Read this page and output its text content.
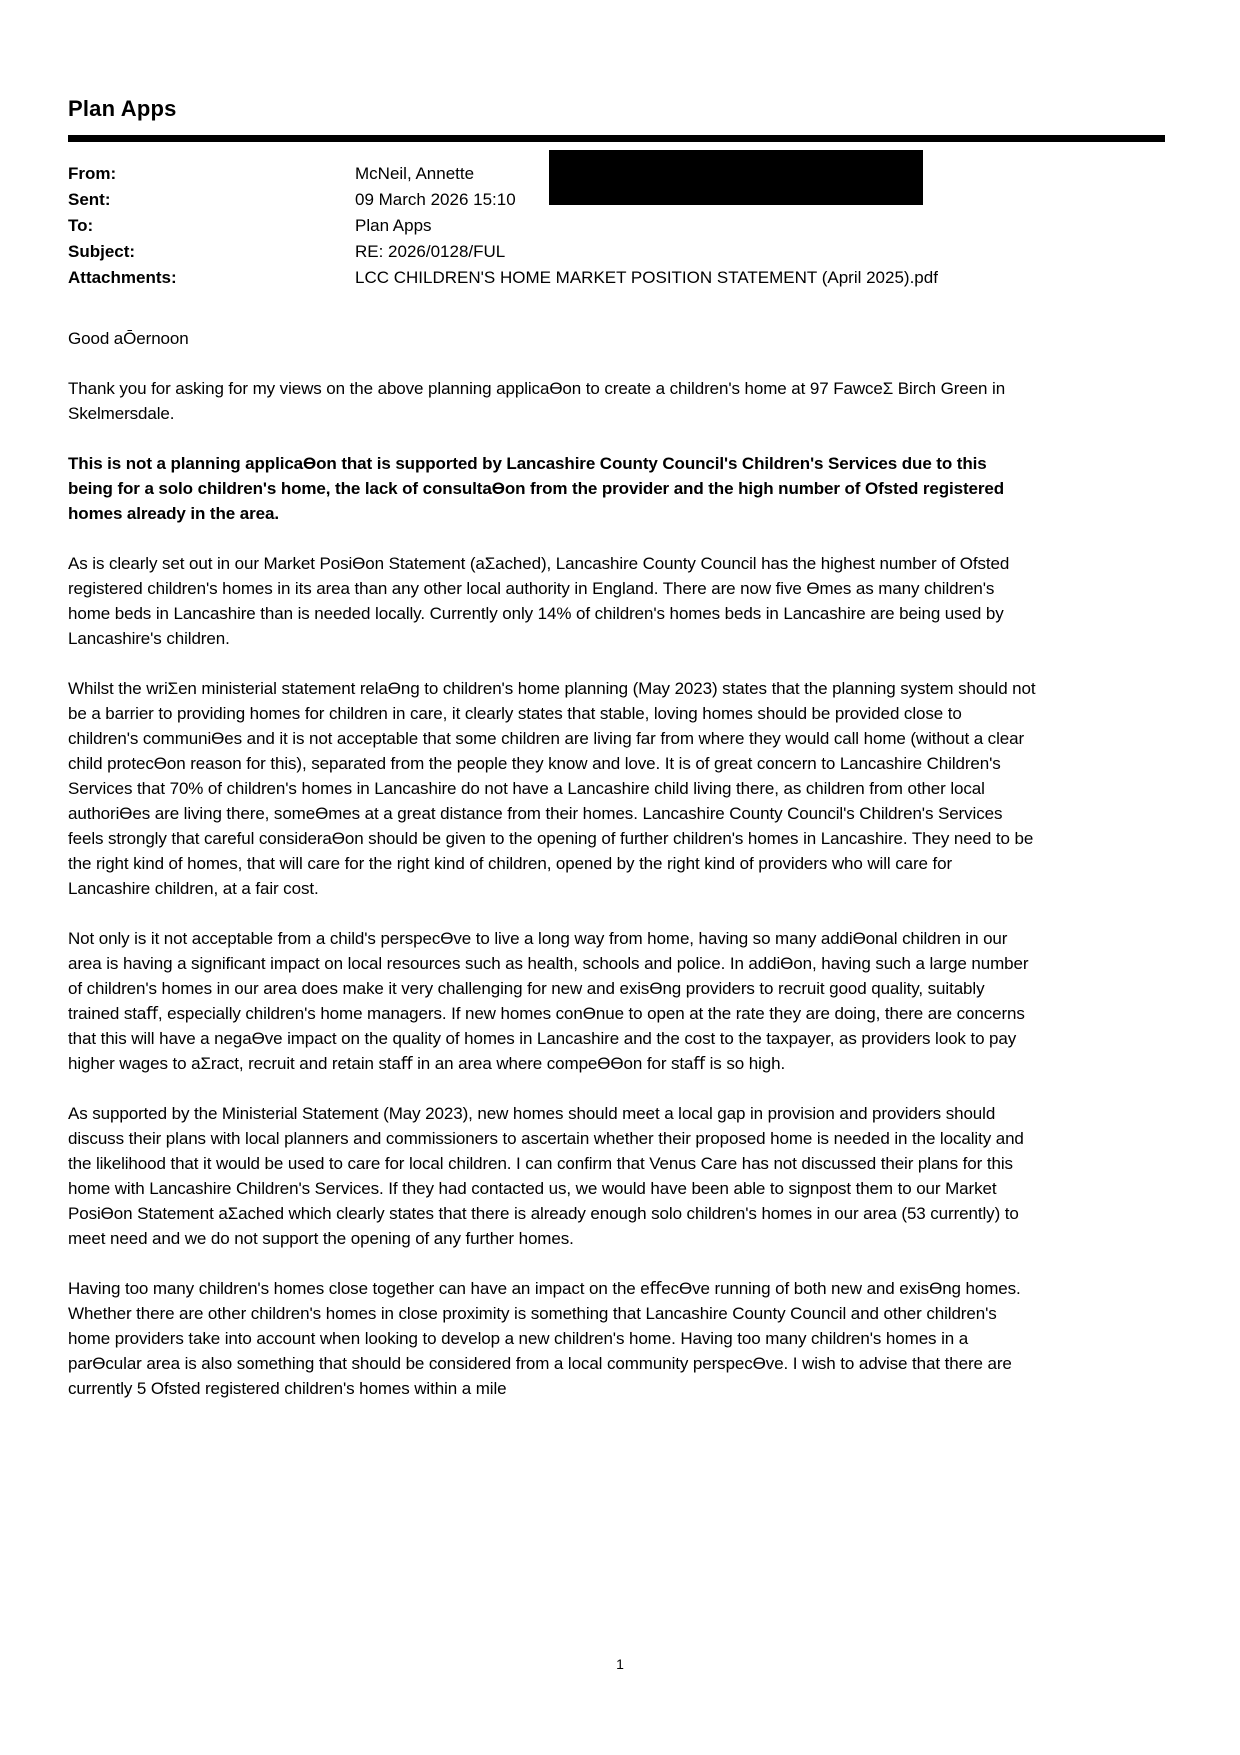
Plan Apps
From:	McNeil, Annette
Sent:	09 March 2026 15:10
To:	Plan Apps
Subject:	RE: 2026/0128/FUL
Attachments:	LCC CHILDREN'S HOME MARKET POSITION STATEMENT (April 2025).pdf
Good aŌernoon
Thank you for asking for my views on the above planning applicaƟon to create a children's home at 97 FawceƩ Birch Green in Skelmersdale.
This is not a planning applicaƟon that is supported by Lancashire County Council's Children's Services due to this being for a solo children's home, the lack of consultaƟon from the provider and the high number of Ofsted registered homes already in the area.
As is clearly set out in our Market PosiƟon Statement (aƩached), Lancashire County Council has the highest number of Ofsted registered children's homes in its area than any other local authority in England. There are now five Ɵmes as many children's home beds in Lancashire than is needed locally. Currently only 14% of children's homes beds in Lancashire are being used by Lancashire's children.
Whilst the wriƩen ministerial statement relaƟng to children's home planning (May 2023) states that the planning system should not be a barrier to providing homes for children in care, it clearly states that stable, loving homes should be provided close to children's communiƟes and it is not acceptable that some children are living far from where they would call home (without a clear child protecƟon reason for this), separated from the people they know and love. It is of great concern to Lancashire Children's Services that 70% of children's homes in Lancashire do not have a Lancashire child living there, as children from other local authoriƟes are living there, someƟmes at a great distance from their homes. Lancashire County Council's Children's Services feels strongly that careful consideraƟon should be given to the opening of further children's homes in Lancashire. They need to be the right kind of homes, that will care for the right kind of children, opened by the right kind of providers who will care for Lancashire children, at a fair cost.
Not only is it not acceptable from a child's perspecƟve to live a long way from home, having so many addiƟonal children in our area is having a significant impact on local resources such as health, schools and police. In addiƟon, having such a large number of children's homes in our area does make it very challenging for new and exisƟng providers to recruit good quality, suitably trained staﬀ, especially children's home managers. If new homes conƟnue to open at the rate they are doing, there are concerns that this will have a negaƟve impact on the quality of homes in Lancashire and the cost to the taxpayer, as providers look to pay higher wages to aƩract, recruit and retain staﬀ in an area where compeƟƟon for staﬀ is so high.
As supported by the Ministerial Statement (May 2023), new homes should meet a local gap in provision and providers should discuss their plans with local planners and commissioners to ascertain whether their proposed home is needed in the locality and the likelihood that it would be used to care for local children. I can confirm that Venus Care has not discussed their plans for this home with Lancashire Children's Services. If they had contacted us, we would have been able to signpost them to our Market PosiƟon Statement aƩached which clearly states that there is already enough solo children's homes in our area (53 currently) to meet need and we do not support the opening of any further homes.
Having too many children's homes close together can have an impact on the eﬀecƟve running of both new and exisƟng homes. Whether there are other children's homes in close proximity is something that Lancashire County Council and other children's home providers take into account when looking to develop a new children's home. Having too many children's homes in a parƟcular area is also something that should be considered from a local community perspecƟve. I wish to advise that there are currently 5 Ofsted registered children's homes within a mile
1
